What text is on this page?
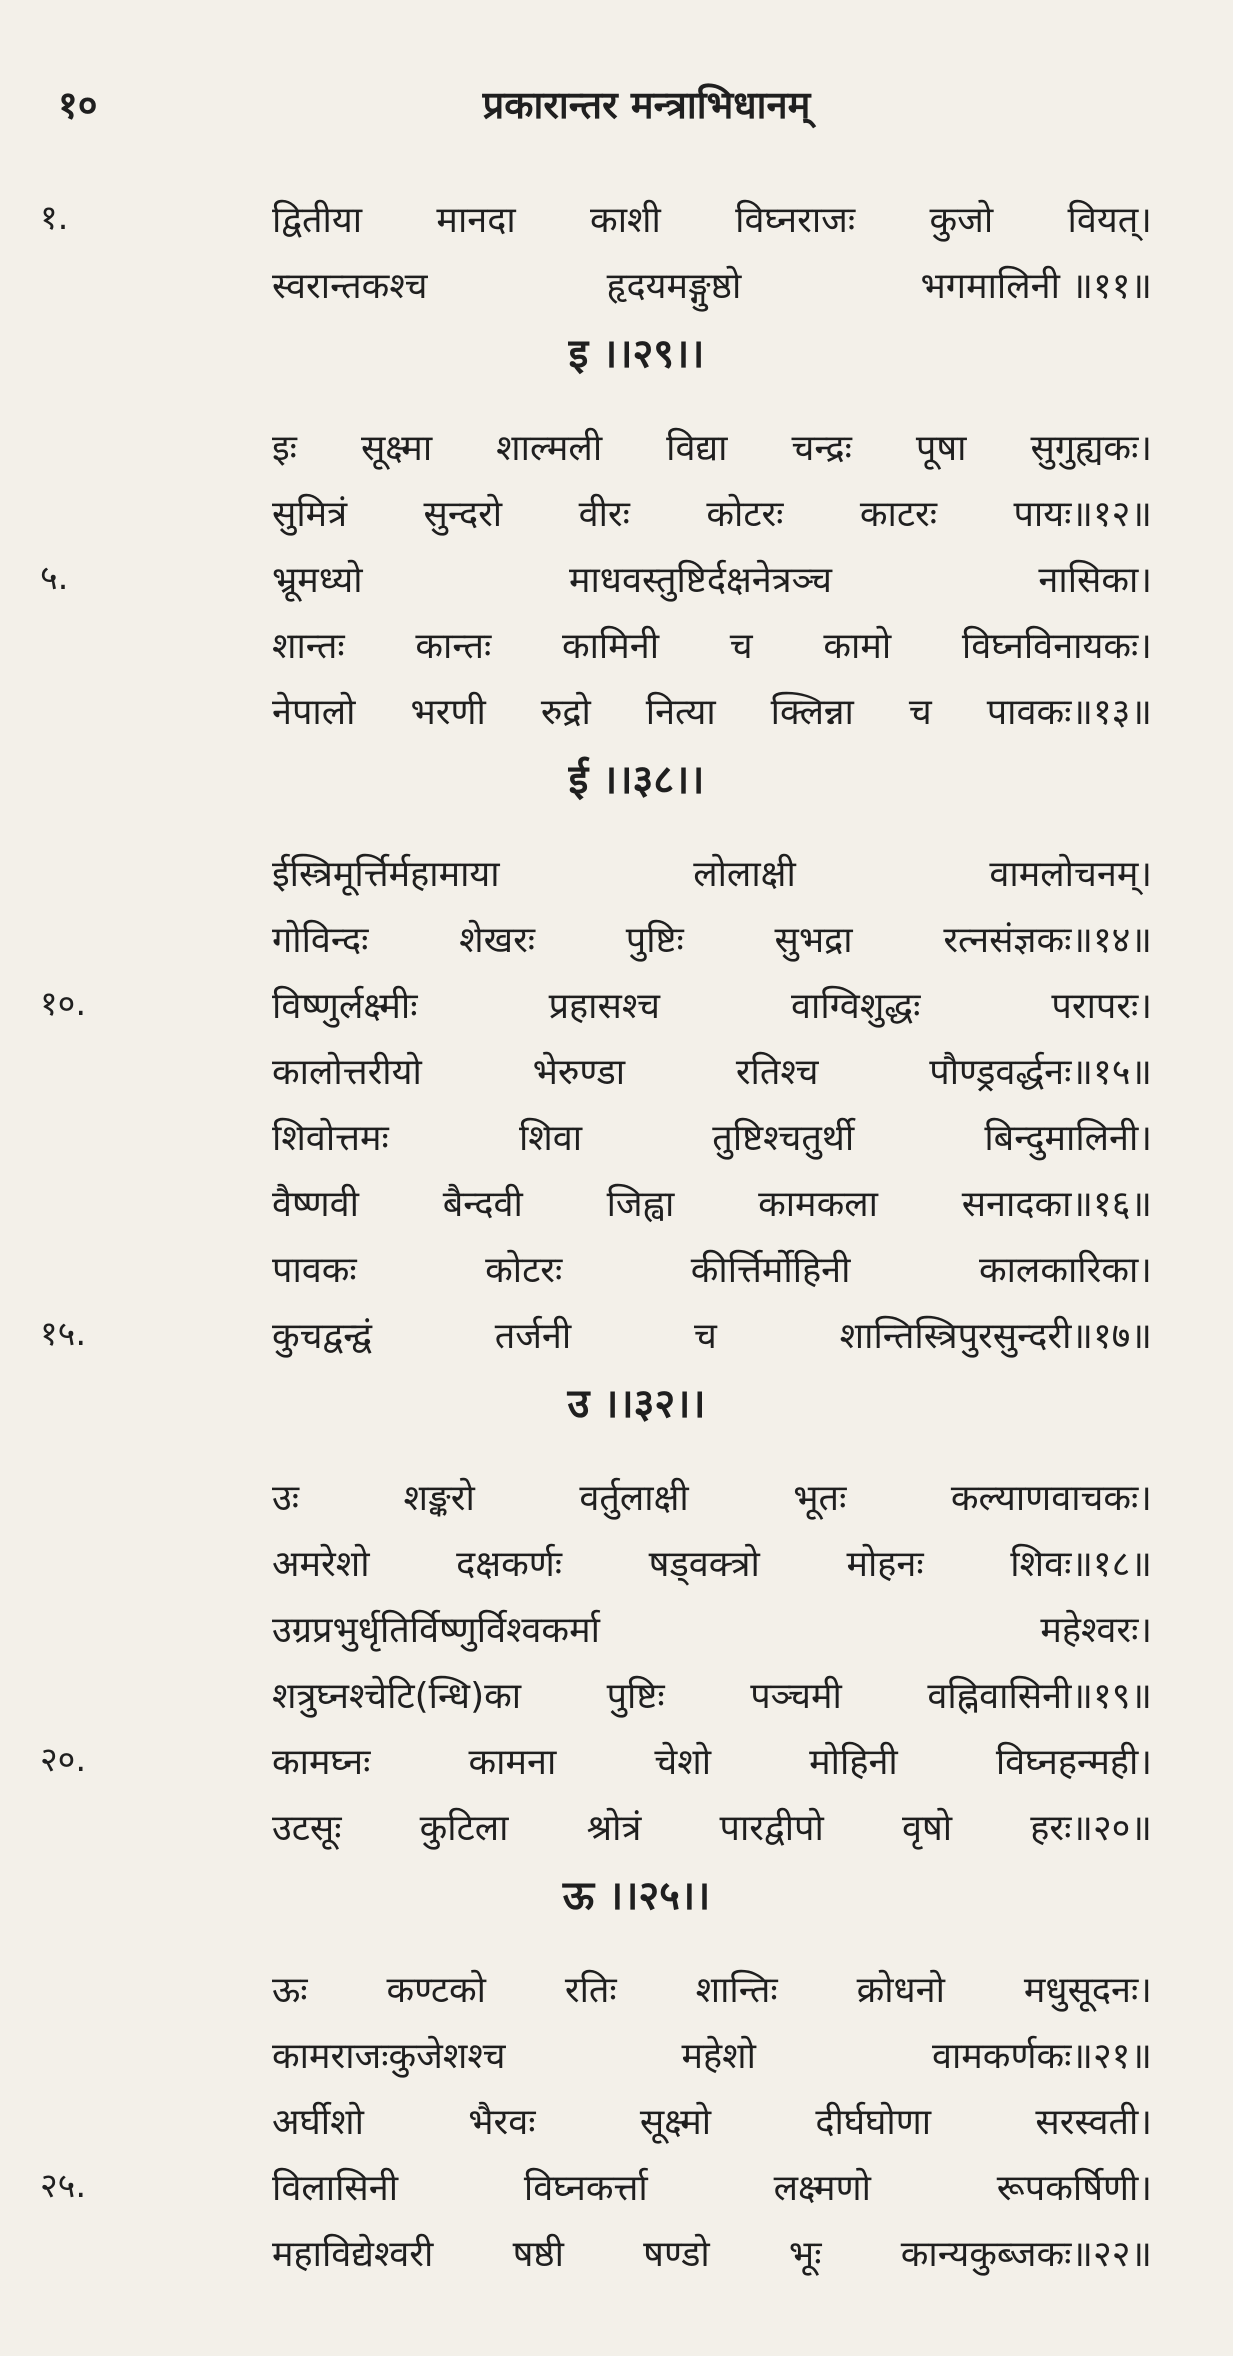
१०	प्रकारान्तर मन्त्राभिधानम्
१.	द्वितीया मानदा काशी विघ्नराजः कुजो वियत्।
स्वरान्तकश्च	हृदयमङ्गुष्ठो	भगमालिनी ॥११॥
इ ।।२९।।
इः सूक्ष्मा शाल्मली विद्या चन्द्रः पूषा सुगुह्यकः।
सुमित्रं सुन्दरो वीरः कोटरः काटरः पायः॥१२॥
५.	भ्रूमध्यो	माधवस्तुष्टिर्दक्षनेत्रञ्च	नासिका।
शान्तः कान्तः कामिनी च कामो विघ्नविनायकः।
नेपालो भरणी रुद्रो नित्या क्लिन्ना च पावकः॥१३॥
ई ।।३८।।
ईस्त्रिमूर्त्तिर्महामाया	लोलाक्षी	वामलोचनम्।
गोविन्दः	शेखरः	पुष्टिः	सुभद्रा	रत्नसंज्ञकः॥१४॥
१०.	विष्णुर्लक्ष्मीः	प्रहासश्च	वाग्विशुद्धः	परापरः।
कालोत्तरीयो	भेरुण्डा	रतिश्च	पौण्ड्रवर्द्धनः॥१५॥
शिवोत्तमः	शिवा	तुष्टिश्चतुर्थी	बिन्दुमालिनी।
वैष्णवी बैन्दवी जिह्वा कामकला सनादका॥१६॥
पावकः	कोटरः	कीर्त्तिर्मोहिनी	कालकारिका।
१५.	कुचद्वन्द्वं	तर्जनी	च	शान्तिस्त्रिपुरसुन्दरी॥१७॥
उ ।।३२।।
उः	शङ्करो	वर्तुलाक्षी	भूतः	कल्याणवाचकः।
अमरेशो दक्षकर्णः षड्वक्त्रो मोहनः शिवः॥१८॥
उग्रप्रभुर्धृतिर्विष्णुर्विश्वकर्मा	महेश्वरः।
शत्रुघ्नश्चेटि(न्धि)का पुष्टिः पञ्चमी वह्निवासिनी॥१९॥
२०.	कामघ्नः	कामना	चेशो	मोहिनी	विघ्नहन्मही।
उटसूः कुटिला श्रोत्रं पारद्वीपो वृषो हरः॥२०॥
ऊ ।।२५।।
ऊः कण्टको रतिः शान्तिः क्रोधनो मधुसूदनः।
कामराजःकुजेशश्च	महेशो	वामकर्णकः॥२१॥
अर्घीशो	भैरवः	सूक्ष्मो	दीर्घघोणा	सरस्वती।
२५.	विलासिनी	विघ्नकर्त्ता	लक्ष्मणो	रूपकर्षिणी।
महाविद्येश्वरी षष्ठी षण्डो भूः कान्यकुब्जकः॥२२॥
